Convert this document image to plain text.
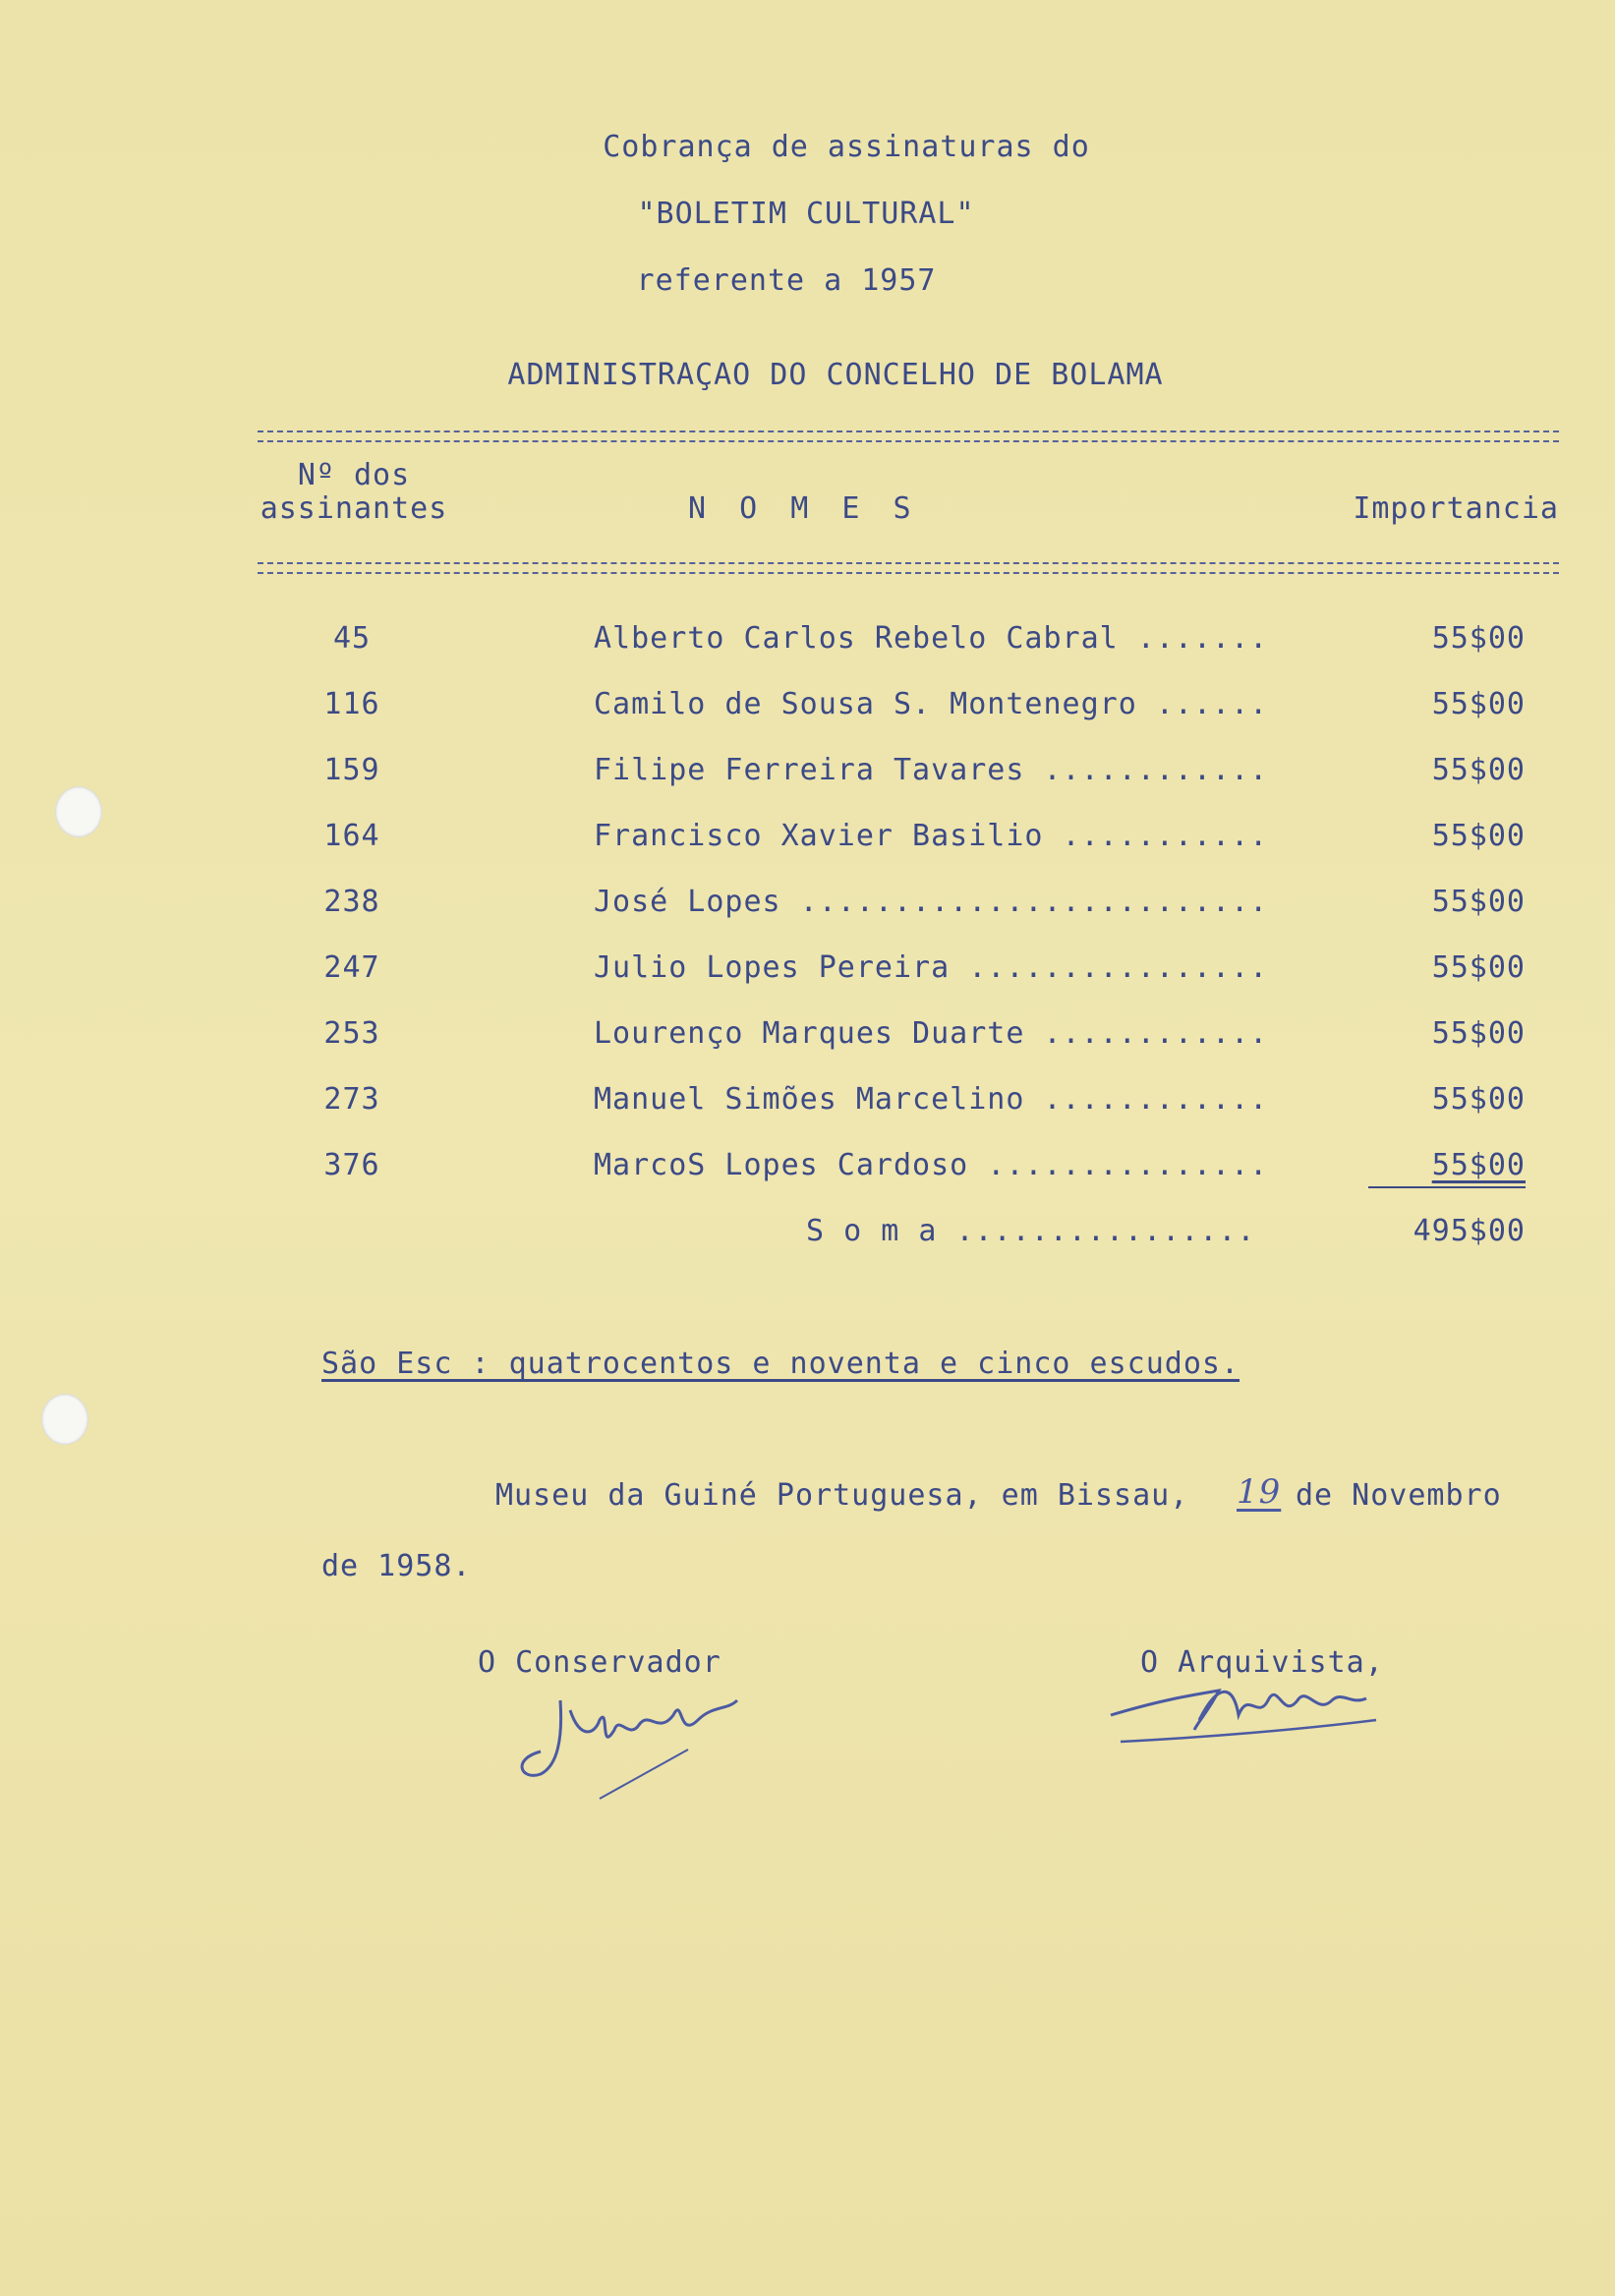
Cobrança de assinaturas do
"BOLETIM CULTURAL"
referente a 1957
ADMINISTRAÇAO DO CONCELHO DE BOLAMA
Nº dos
assinantes	N O M E S	Importancia
45	Alberto Carlos Rebelo Cabral .......	55$00
116	Camilo de Sousa S. Montenegro ......	55$00
159	Filipe Ferreira Tavares ............	55$00
164	Francisco Xavier Basilio ...........	55$00
238	José Lopes .........................	55$00
247	Julio Lopes Pereira ................	55$00
253	Lourenço Marques Duarte ............	55$00
273	Manuel Simões Marcelino ............	55$00
376	MarcoS Lopes Cardoso ...............	55$00
S o m a ................	495$00
São Esc : quatrocentos e noventa e cinco escudos.
Museu da Guiné Portuguesa, em Bissau, 19 de Novembro
de 1958.
O Conservador	O Arquivista,
